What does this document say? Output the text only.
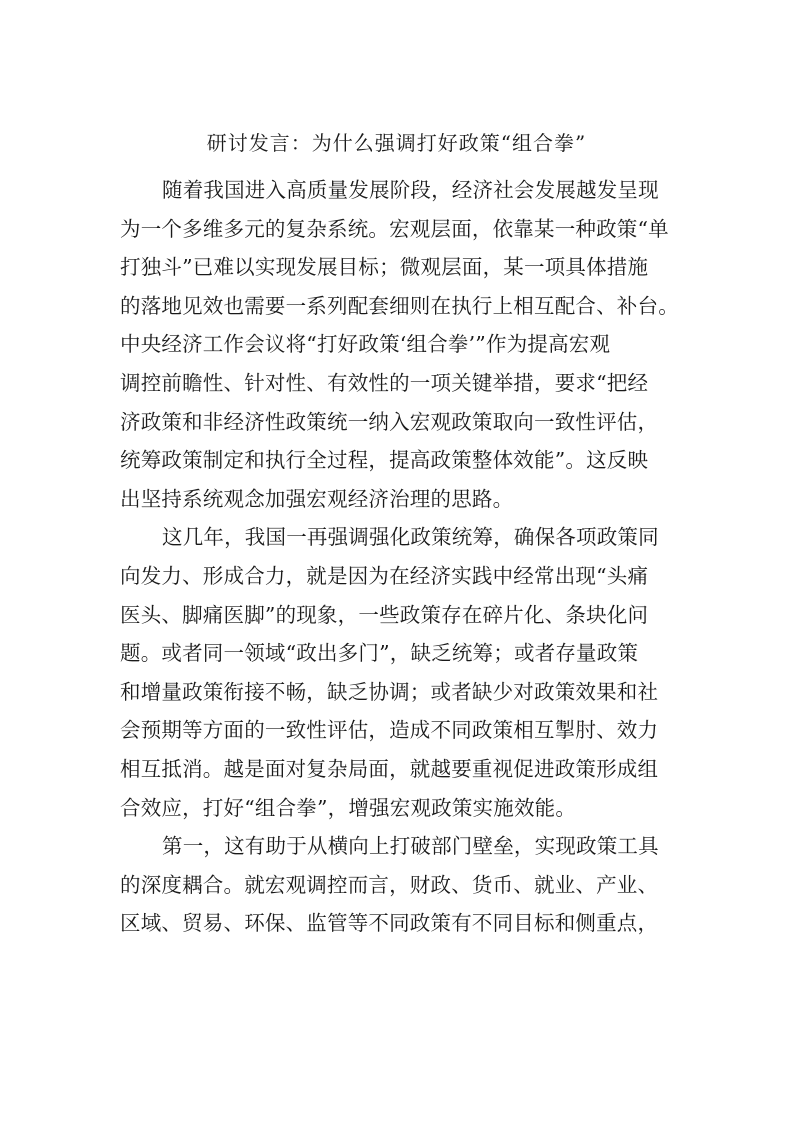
研讨发言：为什么强调打好政策“组合拳”
随着我国进入高质量发展阶段，经济社会发展越发呈现
为一个多维多元的复杂系统。宏观层面，依靠某一种政策“单
打独斗”已难以实现发展目标；微观层面，某一项具体措施
的落地见效也需要一系列配套细则在执行上相互配合、补台。
中央经济工作会议将“打好政策‘组合拳’”作为提高宏观
调控前瞻性、针对性、有效性的一项关键举措，要求“把经
济政策和非经济性政策统一纳入宏观政策取向一致性评估，
统筹政策制定和执行全过程，提高政策整体效能”。这反映
出坚持系统观念加强宏观经济治理的思路。
这几年，我国一再强调强化政策统筹，确保各项政策同
向发力、形成合力，就是因为在经济实践中经常出现“头痛
医头、脚痛医脚”的现象，一些政策存在碎片化、条块化问
题。或者同一领域“政出多门”，缺乏统筹；或者存量政策
和增量政策衔接不畅，缺乏协调；或者缺少对政策效果和社
会预期等方面的一致性评估，造成不同政策相互掣肘、效力
相互抵消。越是面对复杂局面，就越要重视促进政策形成组
合效应，打好“组合拳”，增强宏观政策实施效能。
第一，这有助于从横向上打破部门壁垒，实现政策工具
的深度耦合。就宏观调控而言，财政、货币、就业、产业、
区域、贸易、环保、监管等不同政策有不同目标和侧重点，
